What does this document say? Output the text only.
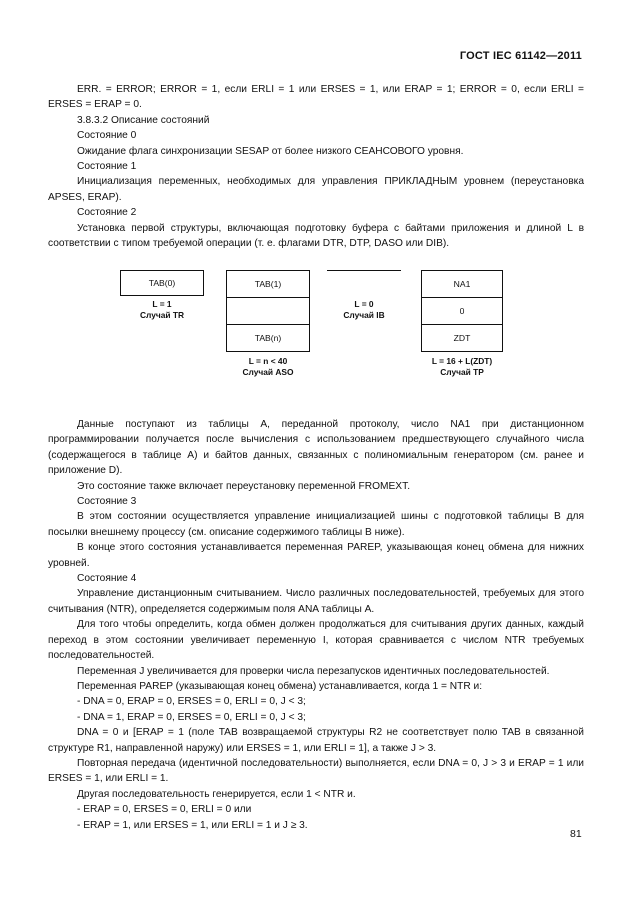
ГОСТ IEC 61142—2011

ERR. = ERROR; ERROR = 1, если ERLI = 1 или ERSES = 1, или ERAP = 1; ERROR = 0, если ERLI = ERSES = ERAP = 0.

3.8.3.2 Описание состояний

Состояние 0

Ожидание флага синхронизации SESAP от более низкого СЕАНСОВОГО уровня.

Состояние 1

Инициализация переменных, необходимых для управления ПРИКЛАДНЫМ уровнем (переустановка APSES, ERAP).

Состояние 2

Установка первой структуры, включающая подготовку буфера с байтами приложения и длиной L в соответствии с типом требуемой операции (т. е. флагами DTR, DTP, DASO или DIB).

TAB(0)
L = 1
Случай TR
TAB(1)
TAB(n)
L = n < 40
Случай ASO
L = 0
Случай IB
NA1
0
ZDT
L = 16 + L(ZDT)
Случай TP

Данные поступают из таблицы А, переданной протоколу, число NA1 при дистанционном программировании получается после вычисления с использованием предшествующего случайного числа (содержащегося в таблице А) и байтов данных, связанных с полиномиальным генератором (см. ранее и приложение D).

Это состояние также включает переустановку переменной FROMEXT.

Состояние 3

В этом состоянии осуществляется управление инициализацией шины с подготовкой таблицы В для посылки внешнему процессу (см. описание содержимого таблицы В ниже).

В конце этого состояния устанавливается переменная PAREP, указывающая конец обмена для нижних уровней.

Состояние 4

Управление дистанционным считыванием. Число различных последовательностей, требуемых для этого считывания (NTR), определяется содержимым поля ANA таблицы А.

Для того чтобы определить, когда обмен должен продолжаться для считывания других данных, каждый переход в этом состоянии увеличивает переменную I, которая сравнивается с числом NTR требуемых последовательностей.

Переменная J увеличивается для проверки числа перезапусков идентичных последовательностей.

Переменная PAREP (указывающая конец обмена) устанавливается, когда 1 = NTR и:

- DNA = 0, ERAP = 0, ERSES = 0, ERLI = 0, J < 3;

- DNA = 1, ERAP = 0, ERSES = 0, ERLI = 0, J < 3;

DNA = 0 и [ERAP = 1 (поле TAB возвращаемой структуры R2 не соответствует полю TAB в связанной структуре R1, направленной наружу) или ERSES = 1, или ERLI = 1], а также J > 3.

Повторная передача (идентичной последовательности) выполняется, если DNA = 0, J > 3 и ERAP = 1 или ERSES = 1, или ERLI = 1.

Другая последовательность генерируется, если 1 < NTR и.

- ERAP = 0, ERSES = 0, ERLI = 0 или

- ERAP = 1, или ERSES = 1, или ERLI = 1 и J ≥ 3.

81
